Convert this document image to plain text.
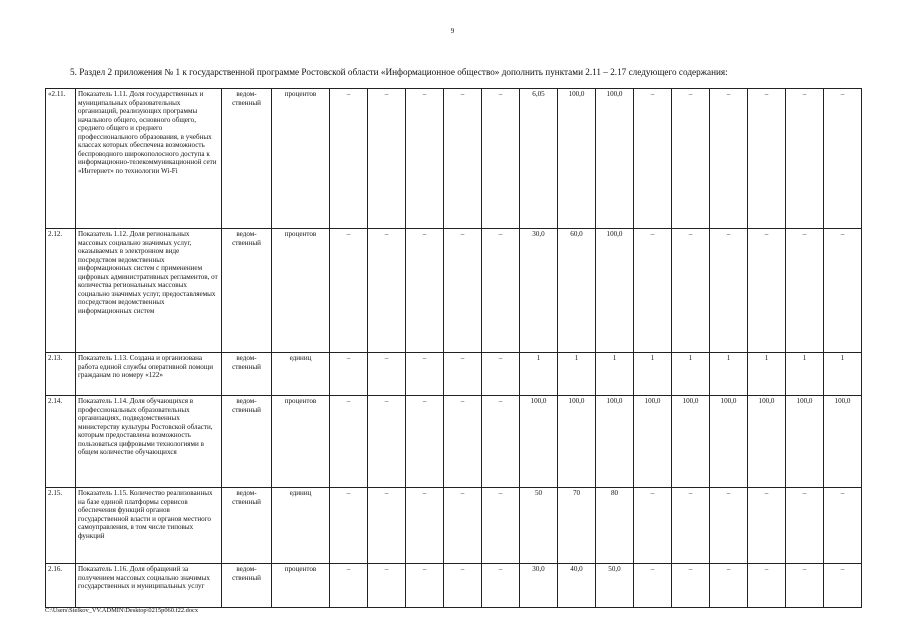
9
5. Раздел 2 приложения № 1 к государственной программе Ростовской области «Информационное общество» дополнить пунктами 2.11 – 2.17 следующего содержания:
«2.11.	Показатель 1.11. Доля государственных и муниципальных образовательных организаций, реализующих программы начального общего, основного общего, среднего общего и среднего профессионального образования, в учебных классах которых обеспечена возможность беспроводного широкополосного доступа к информационно-телекоммуникационной сети «Интернет» по технологии Wi-Fi	ведом-ственный	процентов	–	–	–	–	–	6,05	100,0	100,0	–	–	–	–	–	–
2.12.	Показатель 1.12. Доля региональных массовых социально значимых услуг, оказываемых в электронном виде посредством ведомственных информационных систем с применением цифровых административных регламентов, от количества региональных массовых социально значимых услуг, предоставляемых посредством ведомственных информационных систем	ведом-ственный	процентов	–	–	–	–	–	30,0	60,0	100,0	–	–	–	–	–	–
2.13.	Показатель 1.13. Создана и организована работа единой службы оперативной помощи гражданам по номеру «122»	ведом-ственный	единиц	–	–	–	–	–	1	1	1	1	1	1	1	1	1
2.14.	Показатель 1.14. Доля обучающихся в профессиональных образовательных организациях, подведомственных министерству культуры Ростовской области, которым предоставлена возможность пользоваться цифровыми технологиями в общем количестве обучающихся	ведом-ственный	процентов	–	–	–	–	–	100,0	100,0	100,0	100,0	100,0	100,0	100,0	100,0	100,0
2.15.	Показатель 1.15. Количество реализованных на базе единой платформы сервисов обеспечения функций органов государственной власти и органов местного самоуправления, в том числе типовых функций	ведом-ственный	единиц	–	–	–	–	–	50	70	80	–	–	–	–	–	–
2.16.	Показатель 1.16. Доля обращений за получением массовых социально значимых государственных и муниципальных услуг	ведом-ственный	процентов	–	–	–	–	–	30,0	40,0	50,0	–	–	–	–	–	–
C:\Users\Stelkov_VV.ADMIN\Desktop\0215p060.f22.docx
